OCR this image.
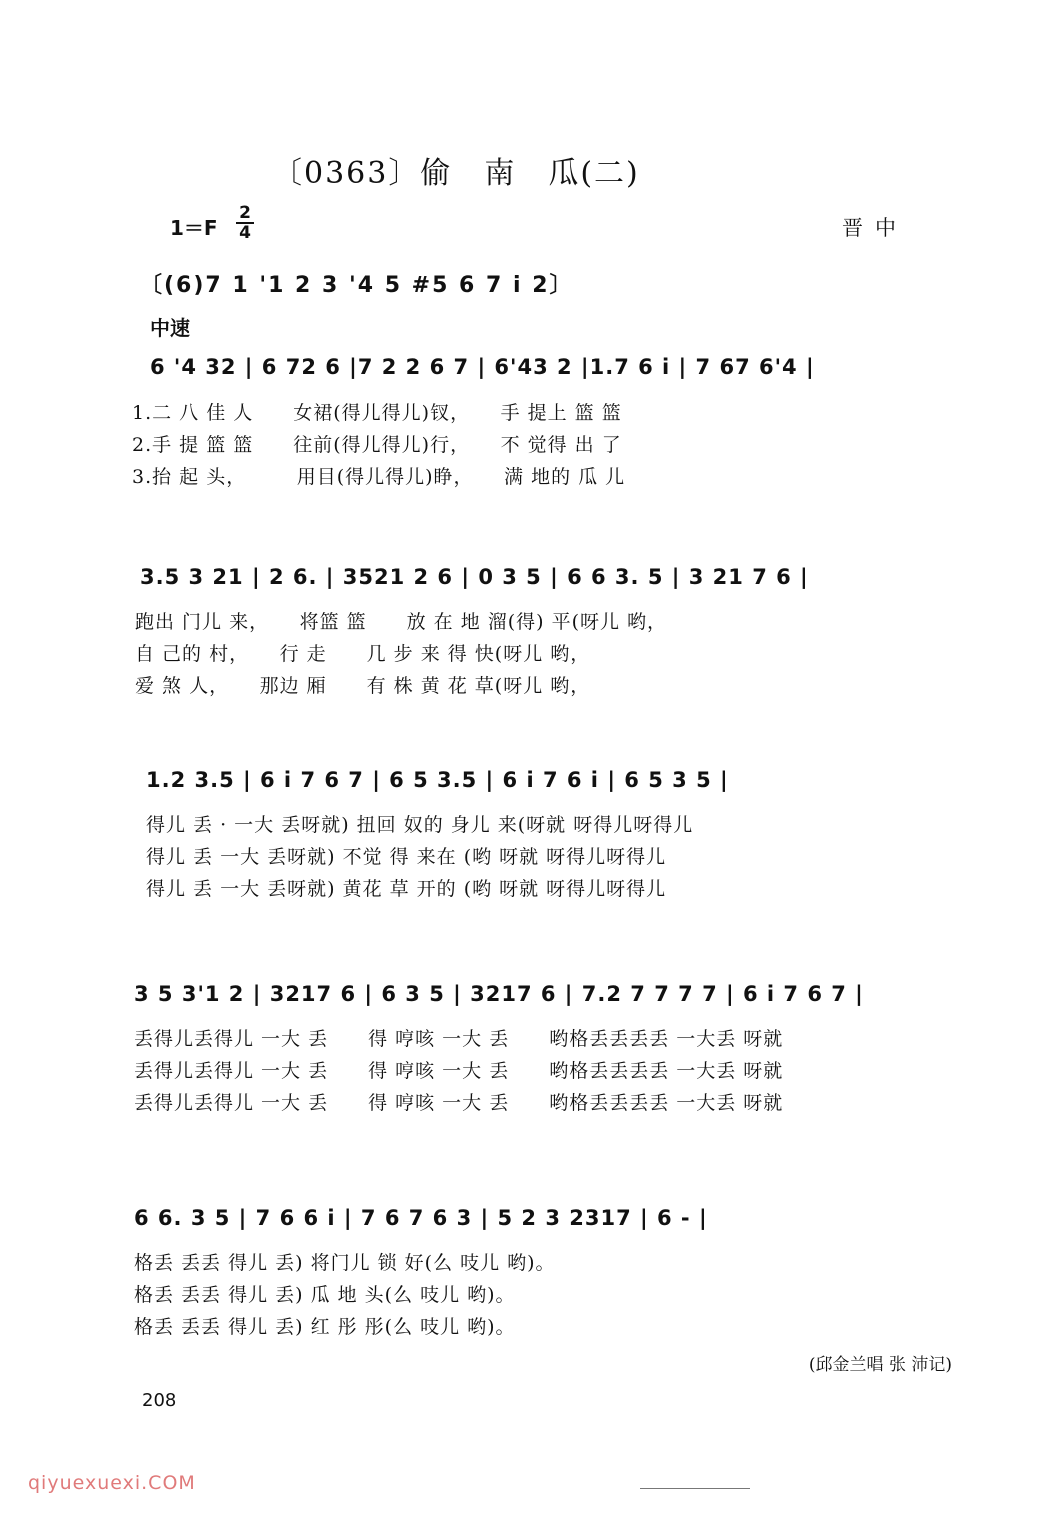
〔0363〕偷　南　瓜(二)
1＝F
2
4	晋中
〔(6)7 1 '1 2 3 '4 5 #5 6 7 i 2〕
中速
6 '4 32 | 6 72 6 |7 2 2 6 7 | 6'43 2 |1.7 6 i | 7 67 6'4 |
1.二 八 佳 人　　女裙(得儿得儿)钗，　　手 提上 篮 篮
2.手 提 篮 篮　　往前(得儿得儿)行，　　不 觉得 出 了
3.抬 起 头，　　　用目(得儿得儿)睁，　　满 地的 瓜 儿
3.5 3 21 | 2 6. | 3521 2 6 | 0 3 5 | 6 6 3. 5 | 3 21 7 6 |
跑出 门儿 来，　　将篮 篮　　放 在 地 溜(得) 平(呀儿 哟，
自 己的 村，　　行 走　　几 步 来 得 快(呀儿 哟，
爱 煞 人，　　那边 厢　　有 株 黄 花 草(呀儿 哟，
1.2 3.5 | 6 i 7 6 7 | 6 5 3.5 | 6 i 7 6 i | 6 5 3 5 |
得儿 丢 · 一大 丢呀就) 扭回 奴的 身儿 来(呀就 呀得儿呀得儿
得儿 丢 一大 丢呀就) 不觉 得 来在 (哟 呀就 呀得儿呀得儿
得儿 丢 一大 丢呀就) 黄花 草 开的 (哟 呀就 呀得儿呀得儿
3 5 3'1 2 | 3217 6 | 6 3 5 | 3217 6 | 7.2 7 7 7 7 | 6 i 7 6 7 |
丢得儿丢得儿 一大 丢　　得 哼咳 一大 丢　　哟格丢丢丢丢 一大丢 呀就
丢得儿丢得儿 一大 丢　　得 哼咳 一大 丢　　哟格丢丢丢丢 一大丢 呀就
丢得儿丢得儿 一大 丢　　得 哼咳 一大 丢　　哟格丢丢丢丢 一大丢 呀就
6 6. 3 5 | 7 6 6 i | 7 6 7 6 3 | 5 2 3 2317 | 6 - |
格丢 丢丢 得儿 丢) 将门儿 锁 好(么 吱儿 哟)。
格丢 丢丢 得儿 丢) 瓜 地 头(么 吱儿 哟)。
格丢 丢丢 得儿 丢) 红 彤 彤(么 吱儿 哟)。
(邱金兰唱 张 沛记)
208
qiyuexuexi.COM
